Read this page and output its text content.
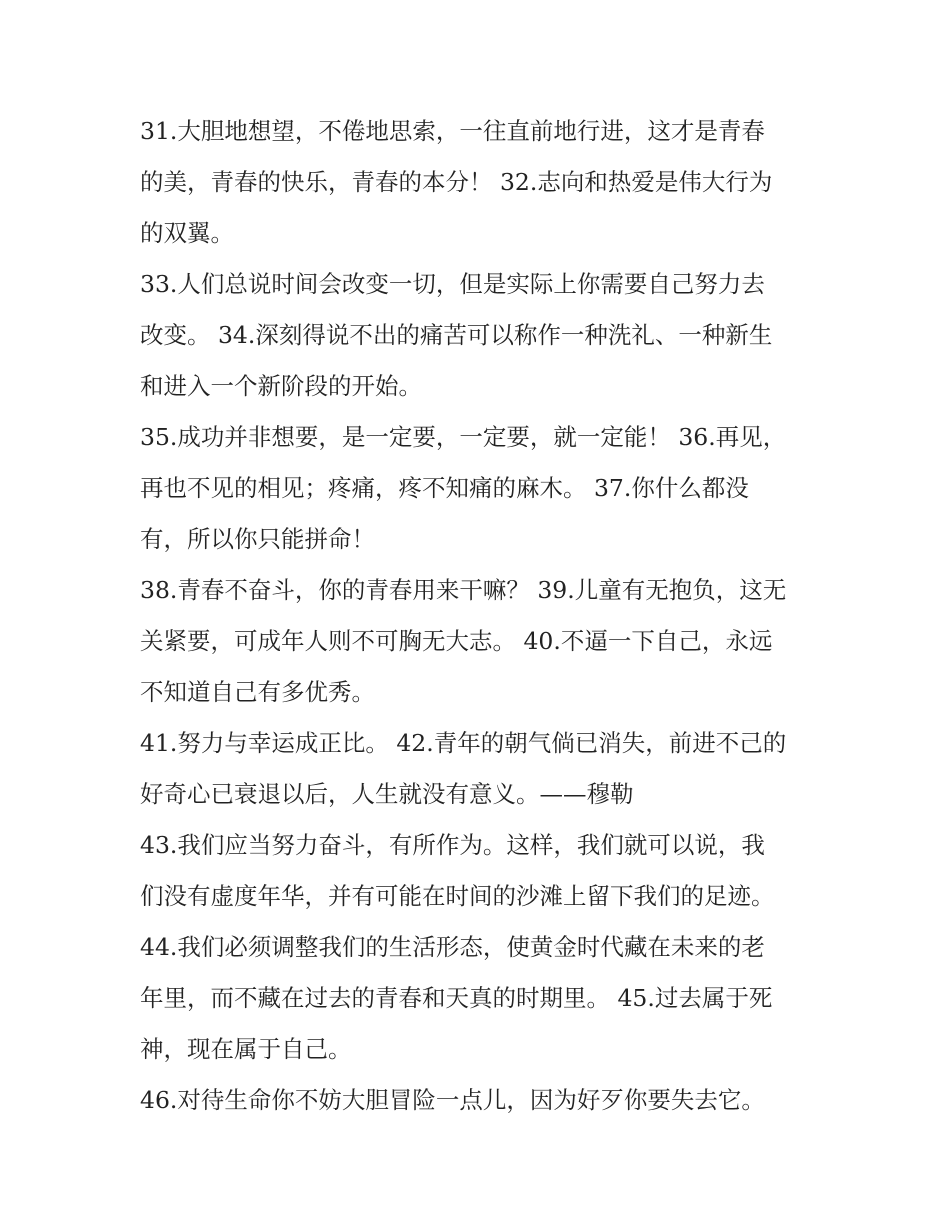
31.大胆地想望，不倦地思索，一往直前地行进，这才是青春
的美，青春的快乐，青春的本分！ 32.志向和热爱是伟大行为
的双翼。
33.人们总说时间会改变一切，但是实际上你需要自己努力去
改变。 34.深刻得说不出的痛苦可以称作一种洗礼、一种新生
和进入一个新阶段的开始。
35.成功并非想要，是一定要，一定要，就一定能！ 36.再见，
再也不见的相见；疼痛，疼不知痛的麻木。 37.你什么都没
有，所以你只能拼命！
38.青春不奋斗，你的青春用来干嘛？ 39.儿童有无抱负，这无
关紧要，可成年人则不可胸无大志。 40.不逼一下自己，永远
不知道自己有多优秀。
41.努力与幸运成正比。 42.青年的朝气倘已消失，前进不己的
好奇心已衰退以后，人生就没有意义。——穆勒
43.我们应当努力奋斗，有所作为。这样，我们就可以说，我
们没有虚度年华，并有可能在时间的沙滩上留下我们的足迹。
44.我们必须调整我们的生活形态，使黄金时代藏在未来的老
年里，而不藏在过去的青春和天真的时期里。 45.过去属于死
神，现在属于自己。
46.对待生命你不妨大胆冒险一点儿，因为好歹你要失去它。
